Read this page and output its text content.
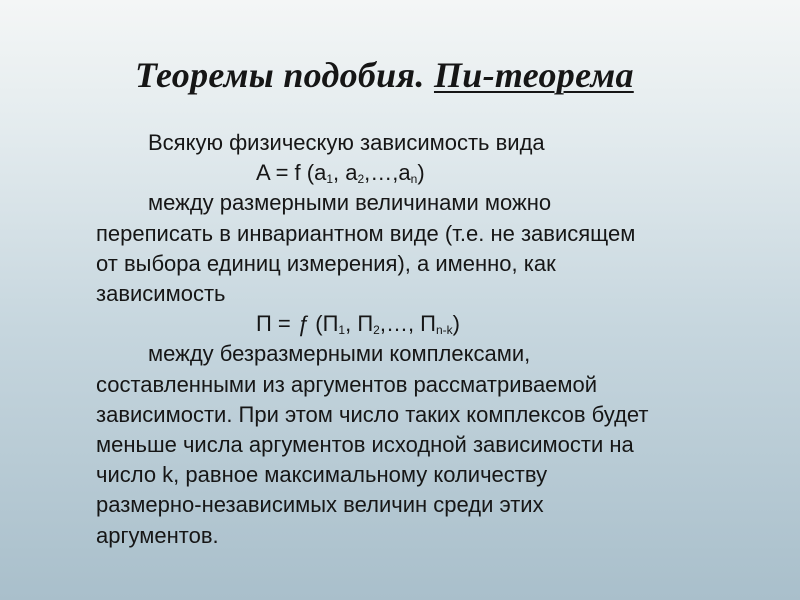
Теоремы подобия. Пи-теорема
Всякую физическую зависимость вида
A = f ($a_1$, $a_2,\dots,a_n$)
между размерными величинами можно
переписать в инвариантном виде (т.е. не зависящем
от выбора единиц измерения), а именно, как
зависимость
П = ƒ ($П_1$, $П_2,\dots$, $П_{n-k}$)
между безразмерными комплексами,
составленными из аргументов рассматриваемой
зависимости. При этом число таких комплексов будет
меньше числа аргументов исходной зависимости на
число k, равное максимальному количеству
размерно-независимых величин среди этих
аргументов.
